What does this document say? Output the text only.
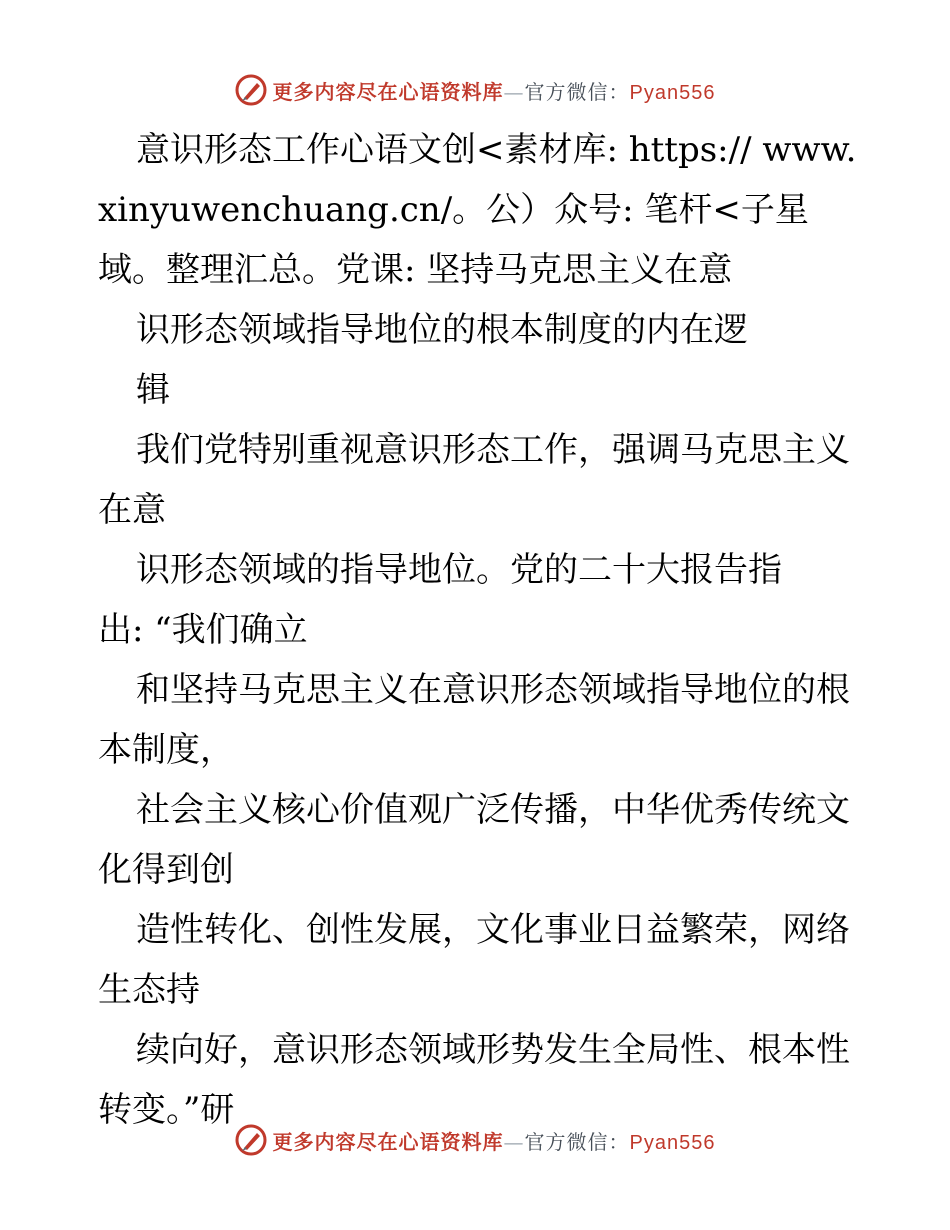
更多内容尽在心语资料库—官方微信：Pyan556

意识形态工作心语文创<素材库: https:// www.xinyuwenchuang.cn/。公）众号: 笔杆<子星域。整理汇总。党课: 坚持马克思主义在意

识形态领域指导地位的根本制度的内在逻

辑

我们党特别重视意识形态工作，强调马克思主义在意

识形态领域的指导地位。党的二十大报告指

出: “我们确立

和坚持马克思主义在意识形态领域指导地位的根本制度，

社会主义核心价值观广泛传播，中华优秀传统文化得到创

造性转化、创性发展，文化事业日益繁荣，网络生态持

续向好，意识形态领域形势发生全局性、根本性转变。”研

更多内容尽在心语资料库—官方微信：Pyan556
